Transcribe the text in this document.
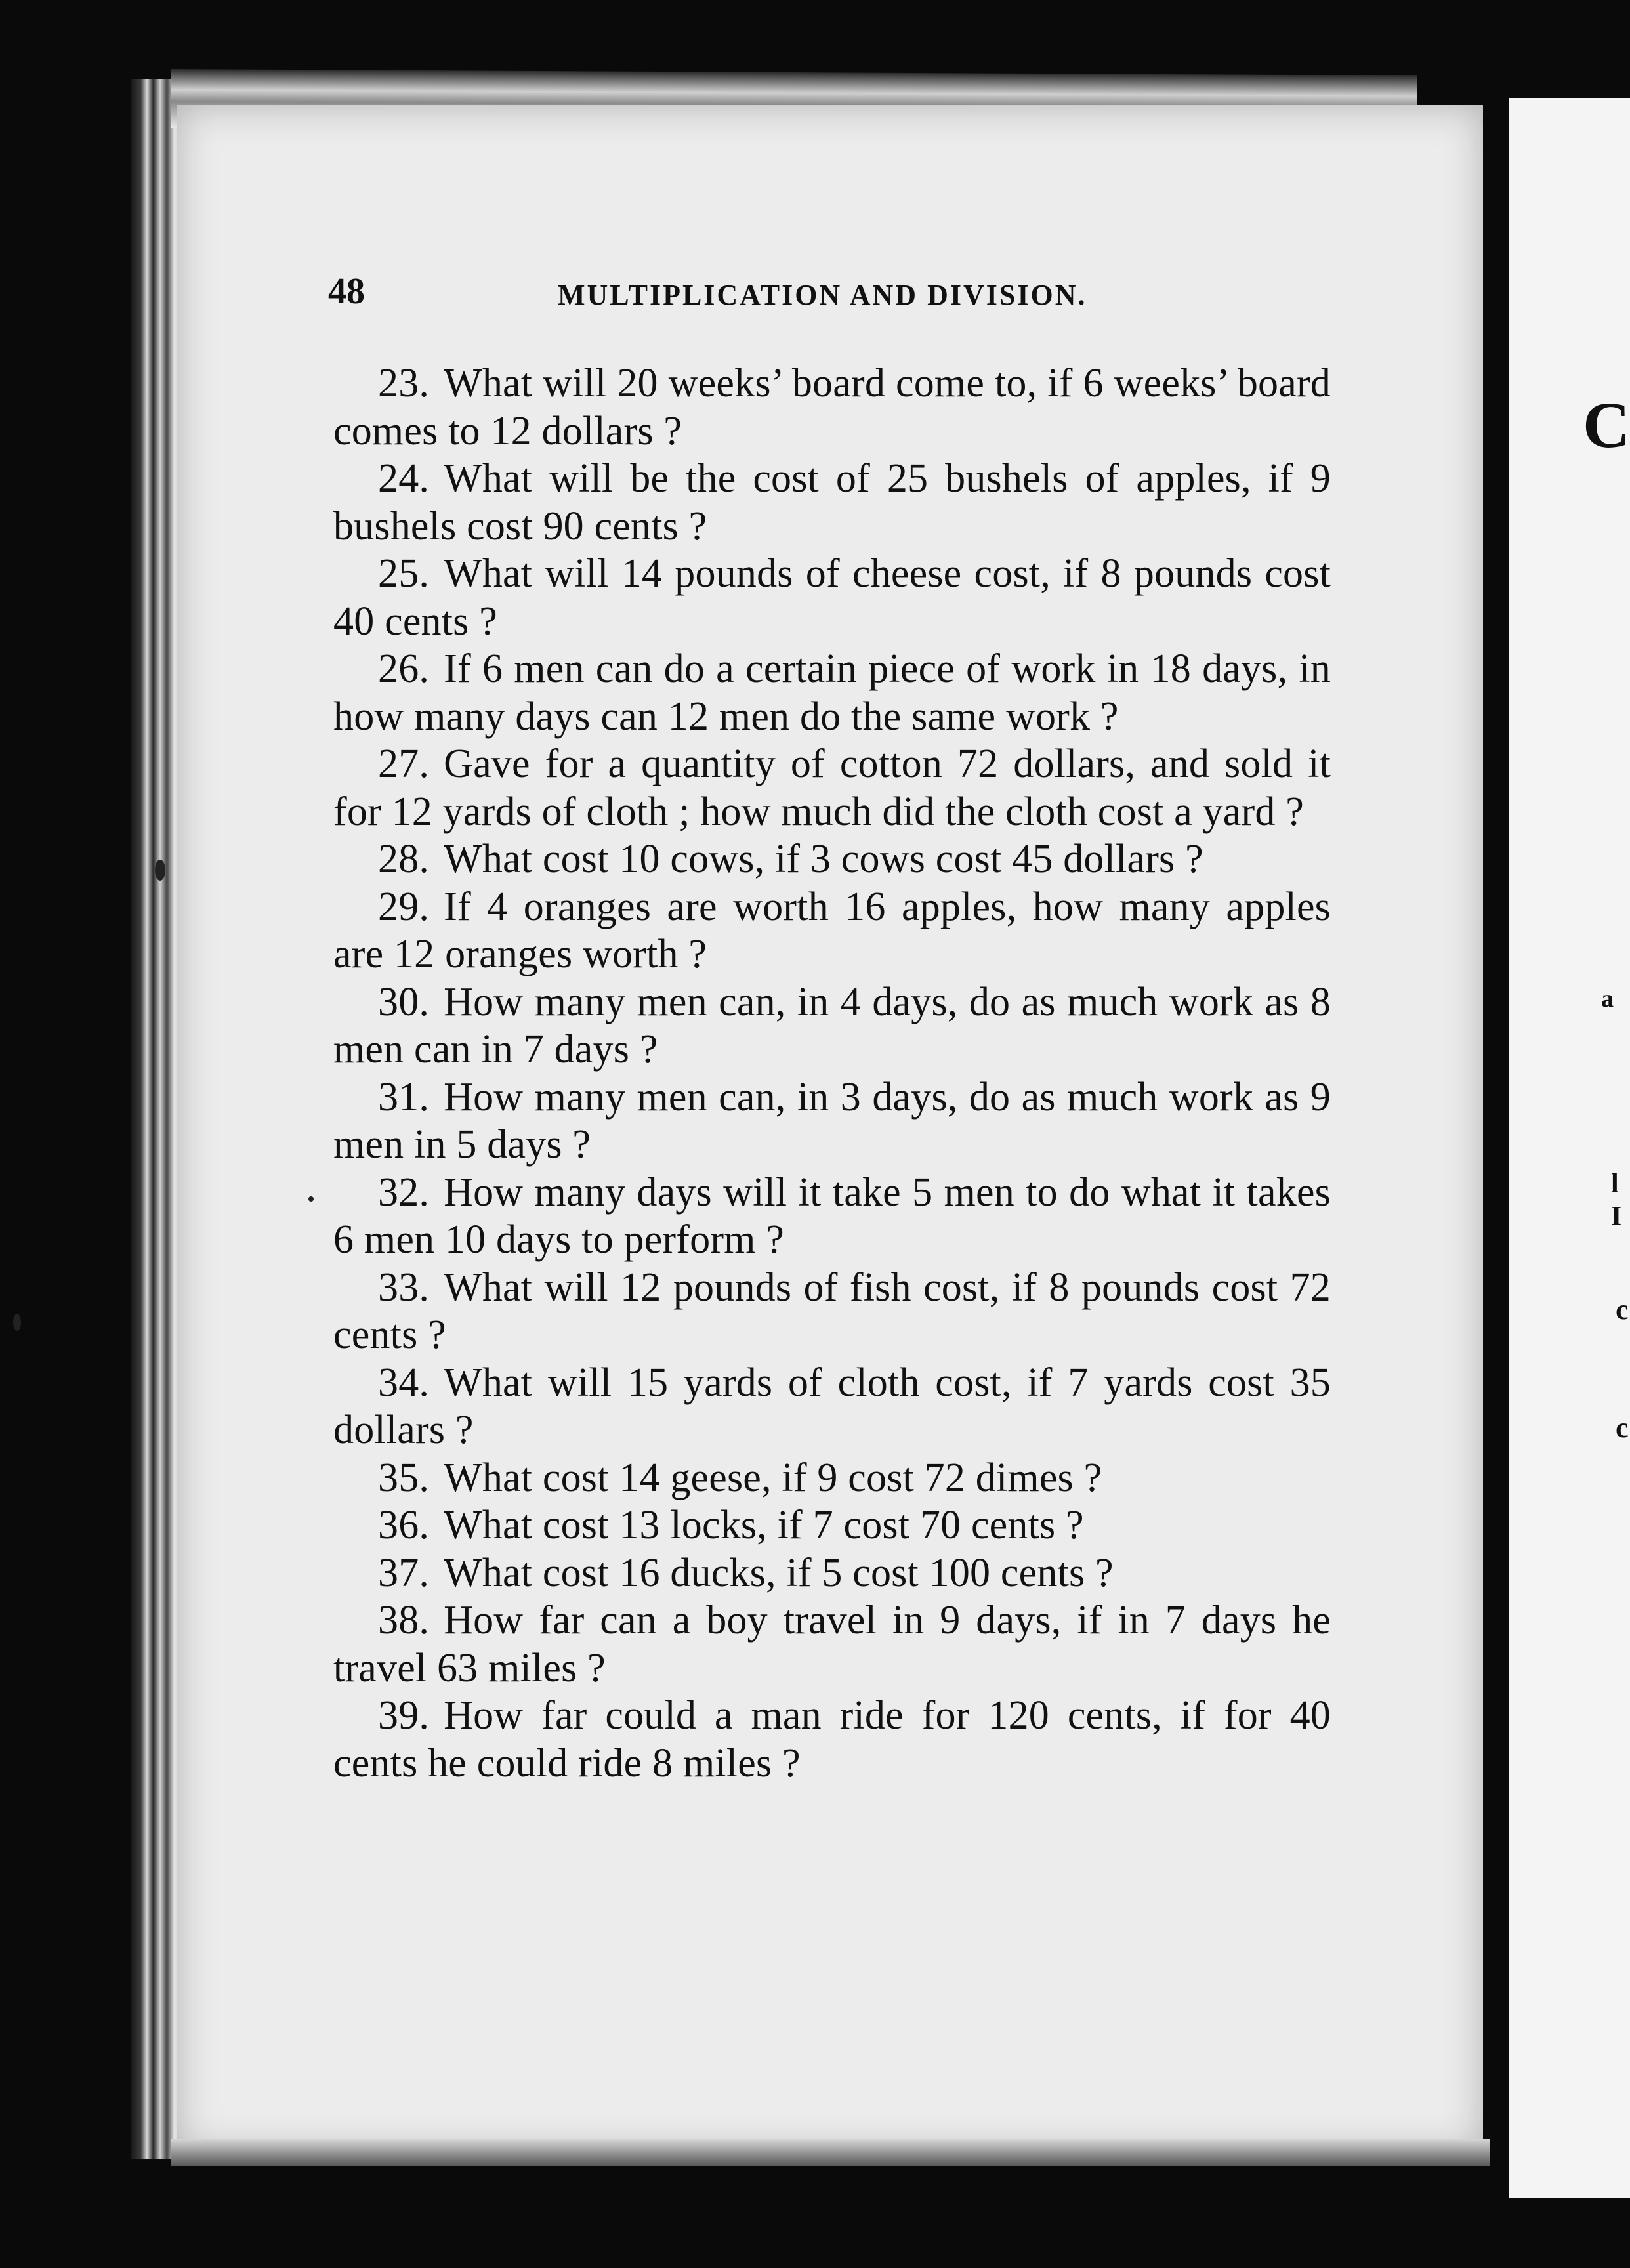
C
a
l
I
c
c
48	MULTIPLICATION AND DIVISION.

23. What will 20 weeks’ board come to, if 6 weeks’ board comes to 12 dollars ?

24. What will be the cost of 25 bushels of apples, if 9 bushels cost 90 cents ?

25. What will 14 pounds of cheese cost, if 8 pounds cost 40 cents ?

26. If 6 men can do a certain piece of work in 18 days, in how many days can 12 men do the same work ?

27. Gave for a quantity of cotton 72 dollars, and sold it for 12 yards of cloth ; how much did the cloth cost a yard ?

28. What cost 10 cows, if 3 cows cost 45 dollars ?

29. If 4 oranges are worth 16 apples, how many apples are 12 oranges worth ?

30. How many men can, in 4 days, do as much work as 8 men can in 7 days ?

31. How many men can, in 3 days, do as much work as 9 men in 5 days ?

32. How many days will it take 5 men to do what it takes 6 men 10 days to perform ?

33. What will 12 pounds of fish cost, if 8 pounds cost 72 cents ?

34. What will 15 yards of cloth cost, if 7 yards cost 35 dollars ?

35. What cost 14 geese, if 9 cost 72 dimes ?

36. What cost 13 locks, if 7 cost 70 cents ?

37. What cost 16 ducks, if 5 cost 100 cents ?

38. How far can a boy travel in 9 days, if in 7 days he travel 63 miles ?

39. How far could a man ride for 120 cents, if for 40 cents he could ride 8 miles ?
